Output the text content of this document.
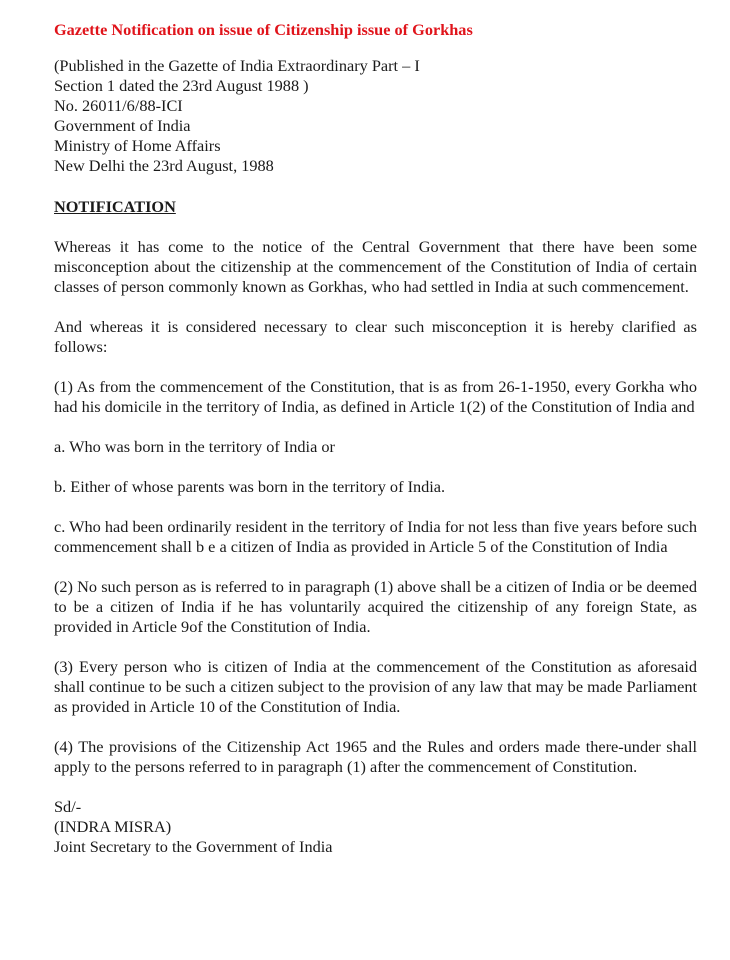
Gazette Notification on issue of Citizenship issue of Gorkhas
(Published in the Gazette of India Extraordinary Part – I
Section 1 dated the 23rd August 1988 )
No. 26011/6/88-ICI
Government of India
Ministry of Home Affairs
New Delhi the 23rd August, 1988
NOTIFICATION

Whereas it has come to the notice of the Central Government that there have been some misconception about the citizenship at the commencement of the Constitution of India of certain classes of person commonly known as Gorkhas, who had settled in India at such commencement.

And whereas it is considered necessary to clear such misconception it is hereby clarified as follows:

(1) As from the commencement of the Constitution, that is as from 26-1-1950, every Gorkha who had his domicile in the territory of India, as defined in Article 1(2) of the Constitution of India and

a. Who was born in the territory of India or

b. Either of whose parents was born in the territory of India.

c. Who had been ordinarily resident in the territory of India for not less than five years before such commencement shall b e a citizen of India as provided in Article 5 of the Constitution of India

(2) No such person as is referred to in paragraph (1) above shall be a citizen of India or be deemed to be a citizen of India if he has voluntarily acquired the citizenship of any foreign State, as provided in Article 9of the Constitution of India.

(3) Every person who is citizen of India at the commencement of the Constitution as aforesaid shall continue to be such a citizen subject to the provision of any law that may be made Parliament as provided in Article 10 of the Constitution of India.

(4) The provisions of the Citizenship Act 1965 and the Rules and orders made there-under shall apply to the persons referred to in paragraph (1) after the commencement of Constitution.

Sd/-
(INDRA MISRA)
Joint Secretary to the Government of India
